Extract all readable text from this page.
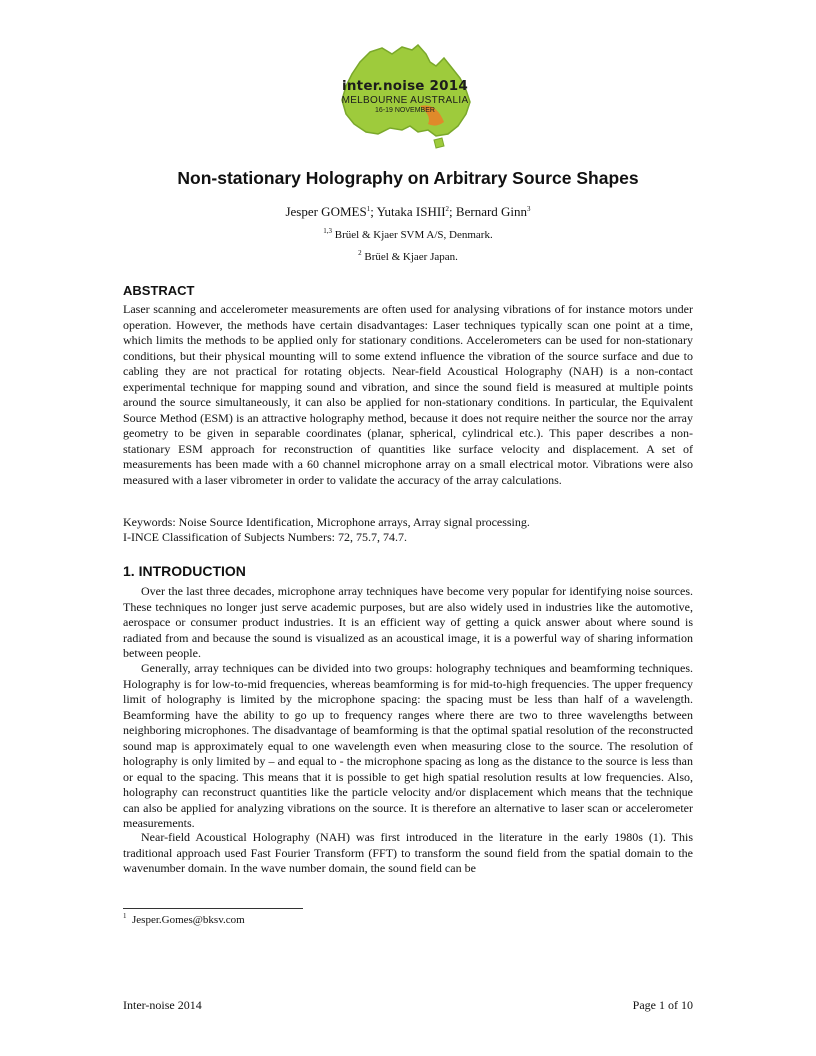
inter.noise 2014
MELBOURNE AUSTRALIA
16-19 NOVEMBER
Non-stationary Holography on Arbitrary Source Shapes
Jesper GOMES$^1$; Yutaka ISHII$^2$; Bernard Ginn$^3$
$^{1,3}$ Brüel & Kjaer SVM A/S, Denmark.
$^2$ Brüel & Kjaer Japan.
ABSTRACT

Laser scanning and accelerometer measurements are often used for analysing vibrations of for instance motors under operation. However, the methods have certain disadvantages: Laser techniques typically scan one point at a time, which limits the methods to be applied only for stationary conditions. Accelerometers can be used for non-stationary conditions, but their physical mounting will to some extend influence the vibration of the source surface and due to cabling they are not practical for rotating objects. Near-field Acoustical Holography (NAH) is a non-contact experimental technique for mapping sound and vibration, and since the sound field is measured at multiple points around the source simultaneously, it can also be applied for non-stationary conditions. In particular, the Equivalent Source Method (ESM) is an attractive holography method, because it does not require neither the source nor the array geometry to be given in separable coordinates (planar, spherical, cylindrical etc.). This paper describes a non-stationary ESM approach for reconstruction of quantities like surface velocity and displacement. A set of measurements has been made with a 60 channel microphone array on a small electrical motor. Vibrations were also measured with a laser vibrometer in order to validate the accuracy of the array calculations.

Keywords: Noise Source Identification, Microphone arrays, Array signal processing.

I-INCE Classification of Subjects Numbers: 72, 75.7, 74.7.

1. INTRODUCTION

Over the last three decades, microphone array techniques have become very popular for identifying noise sources. These techniques no longer just serve academic purposes, but are also widely used in industries like the automotive, aerospace or consumer product industries. It is an efficient way of getting a quick answer about where sound is radiated from and because the sound is visualized as an acoustical image, it is a powerful way of sharing information between people.

Generally, array techniques can be divided into two groups: holography techniques and beamforming techniques. Holography is for low-to-mid frequencies, whereas beamforming is for mid-to-high frequencies. The upper frequency limit of holography is limited by the microphone spacing: the spacing must be less than half of a wavelength. Beamforming have the ability to go up to frequency ranges where there are two to three wavelengths between neighboring microphones. The disadvantage of beamforming is that the optimal spatial resolution of the reconstructed sound map is approximately equal to one wavelength even when measuring close to the source. The resolution of holography is only limited by – and equal to - the microphone spacing as long as the distance to the source is less than or equal to the spacing. This means that it is possible to get high spatial resolution results at low frequencies. Also, holography can reconstruct quantities like the particle velocity and/or displacement which means that the technique can also be applied for analyzing vibrations on the source. It is therefore an alternative to laser scan or accelerometer measurements.

Near-field Acoustical Holography (NAH) was first introduced in the literature in the early 1980s (1). This traditional approach used Fast Fourier Transform (FFT) to transform the sound field from the spatial domain to the wavenumber domain. In the wave number domain, the sound field can be

$^1$ Jesper.Gomes@bksv.com
Inter-noise 2014	Page 1 of 10
